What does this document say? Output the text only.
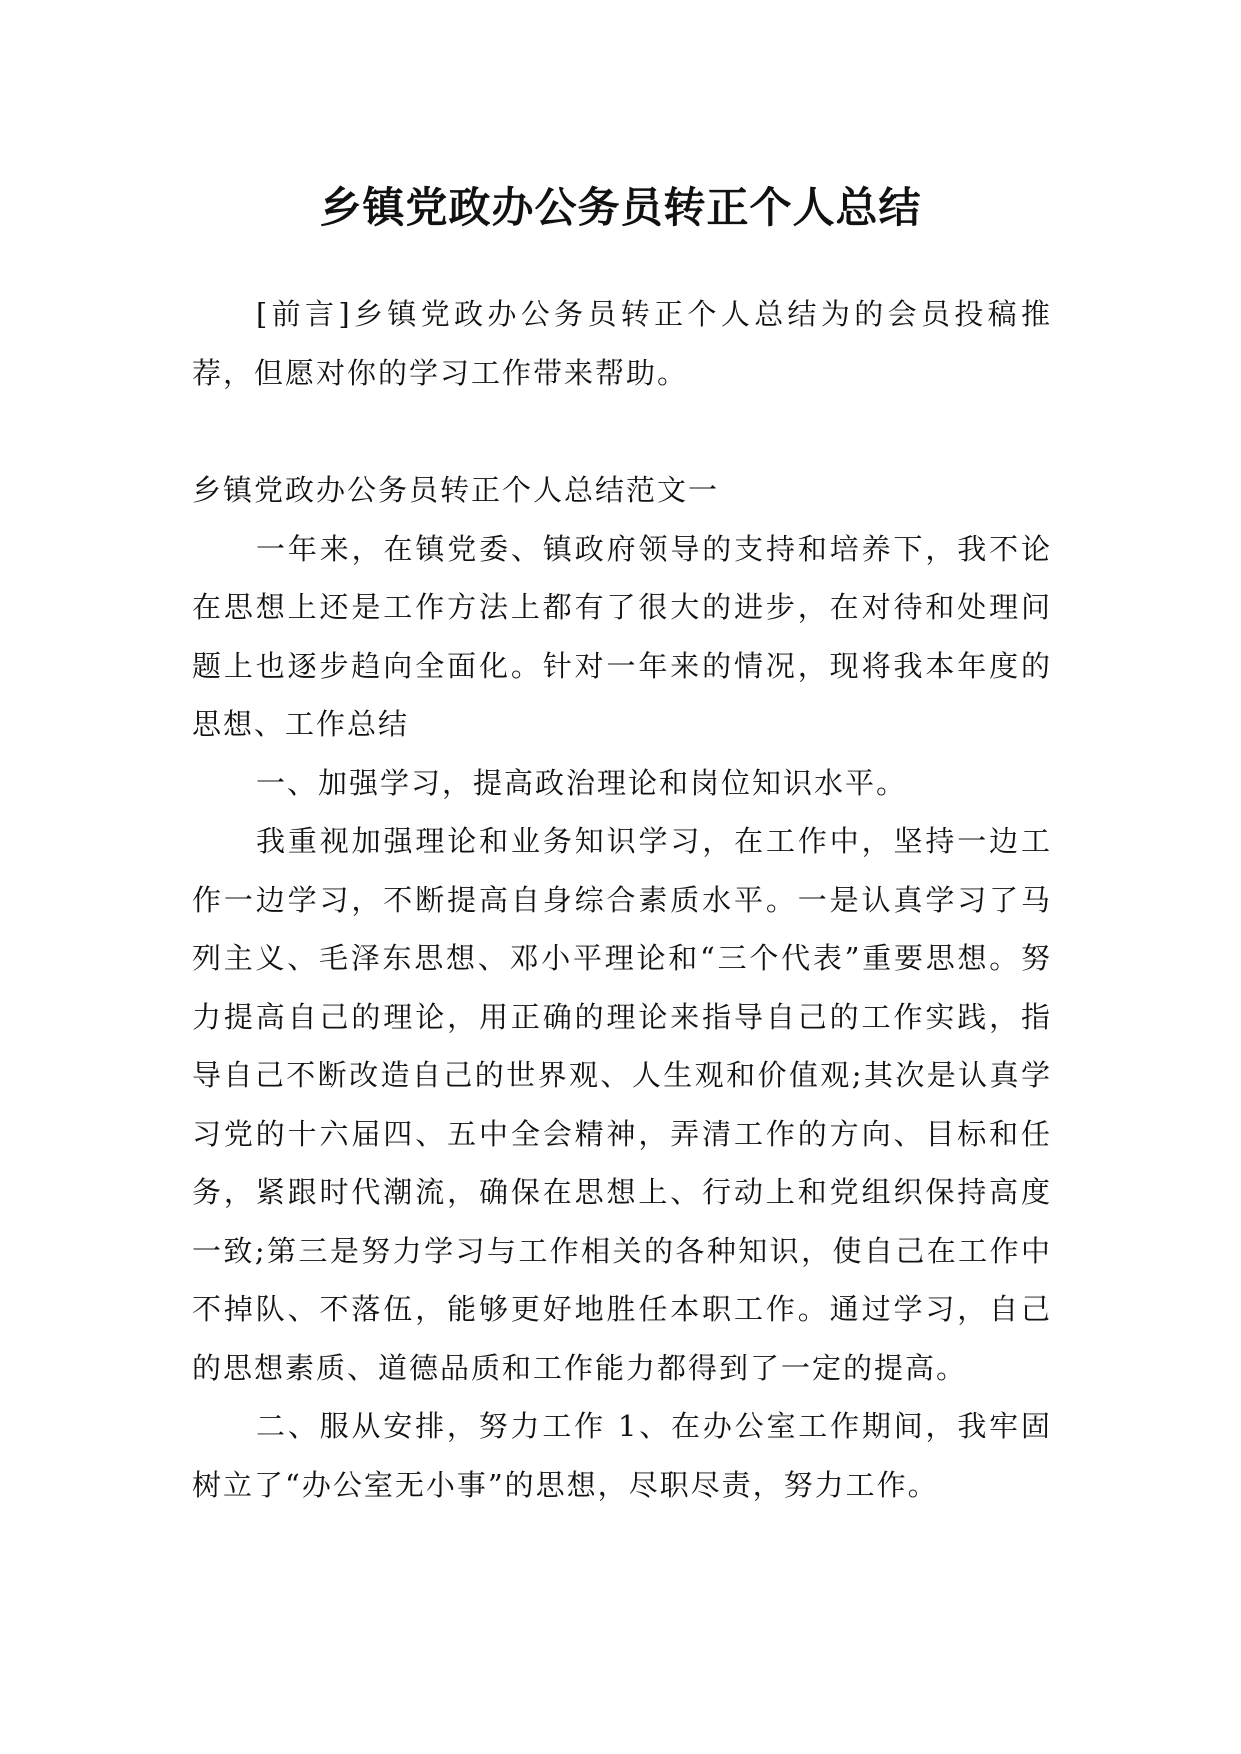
乡镇党政办公务员转正个人总结

[前言]乡镇党政办公务员转正个人总结为的会员投稿推荐，但愿对你的学习工作带来帮助。

乡镇党政办公务员转正个人总结范文一

一年来，在镇党委、镇政府领导的支持和培养下，我不论在思想上还是工作方法上都有了很大的进步，在对待和处理问题上也逐步趋向全面化。针对一年来的情况，现将我本年度的思想、工作总结

一、加强学习，提高政治理论和岗位知识水平。

我重视加强理论和业务知识学习，在工作中，坚持一边工作一边学习，不断提高自身综合素质水平。一是认真学习了马列主义、毛泽东思想、邓小平理论和“三个代表”重要思想。努力提高自己的理论，用正确的理论来指导自己的工作实践，指导自己不断改造自己的世界观、人生观和价值观;其次是认真学习党的十六届四、五中全会精神，弄清工作的方向、目标和任务，紧跟时代潮流，确保在思想上、行动上和党组织保持高度一致;第三是努力学习与工作相关的各种知识，使自己在工作中不掉队、不落伍，能够更好地胜任本职工作。通过学习，自己的思想素质、道德品质和工作能力都得到了一定的提高。

二、服从安排，努力工作 1、在办公室工作期间，我牢固树立了“办公室无小事”的思想，尽职尽责，努力工作。
